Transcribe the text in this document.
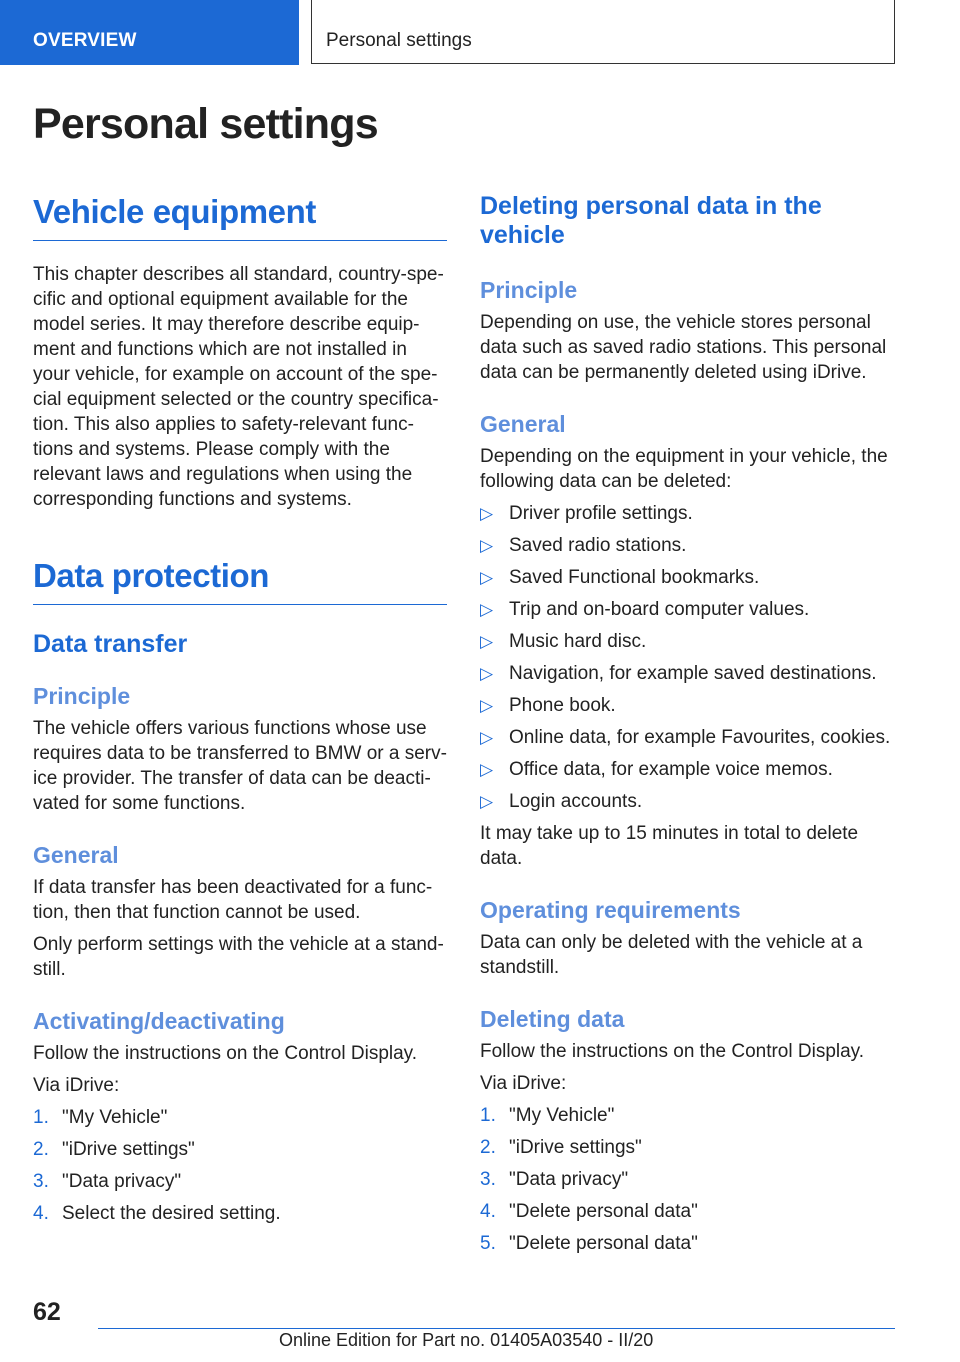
OVERVIEW	Personal settings
Personal settings
Vehicle equipment

This chapter describes all standard, country-spe-

cific and optional equipment available for the

model series. It may therefore describe equip-

ment and functions which are not installed in

your vehicle, for example on account of the spe-

cial equipment selected or the country specifica-

tion. This also applies to safety-relevant func-

tions and systems. Please comply with the

relevant laws and regulations when using the

corresponding functions and systems.

Data protection
Data transfer
Principle

The vehicle offers various functions whose use

requires data to be transferred to BMW or a serv-

ice provider. The transfer of data can be deacti-

vated for some functions.

General

If data transfer has been deactivated for a func-

tion, then that function cannot be used.

Only perform settings with the vehicle at a stand-

still.

Activating/deactivating

Follow the instructions on the Control Display.

Via iDrive:

1. "My Vehicle"
2. "iDrive settings"
3. "Data privacy"
4. Select the desired setting.
Deleting personal data in the
vehicle
Principle

Depending on use, the vehicle stores personal

data such as saved radio stations. This personal

data can be permanently deleted using iDrive.

General

Depending on the equipment in your vehicle, the

following data can be deleted:

▷ Driver profile settings.
▷ Saved radio stations.
▷ Saved Functional bookmarks.
▷ Trip and on-board computer values.
▷ Music hard disc.
▷ Navigation, for example saved destinations.
▷ Phone book.
▷ Online data, for example Favourites, cookies.
▷ Office data, for example voice memos.
▷ Login accounts.

It may take up to 15 minutes in total to delete

data.

Operating requirements

Data can only be deleted with the vehicle at a

standstill.

Deleting data

Follow the instructions on the Control Display.

Via iDrive:

1. "My Vehicle"
2. "iDrive settings"
3. "Data privacy"
4. "Delete personal data"
5. "Delete personal data"
62
Online Edition for Part no. 01405A03540 - II/20
